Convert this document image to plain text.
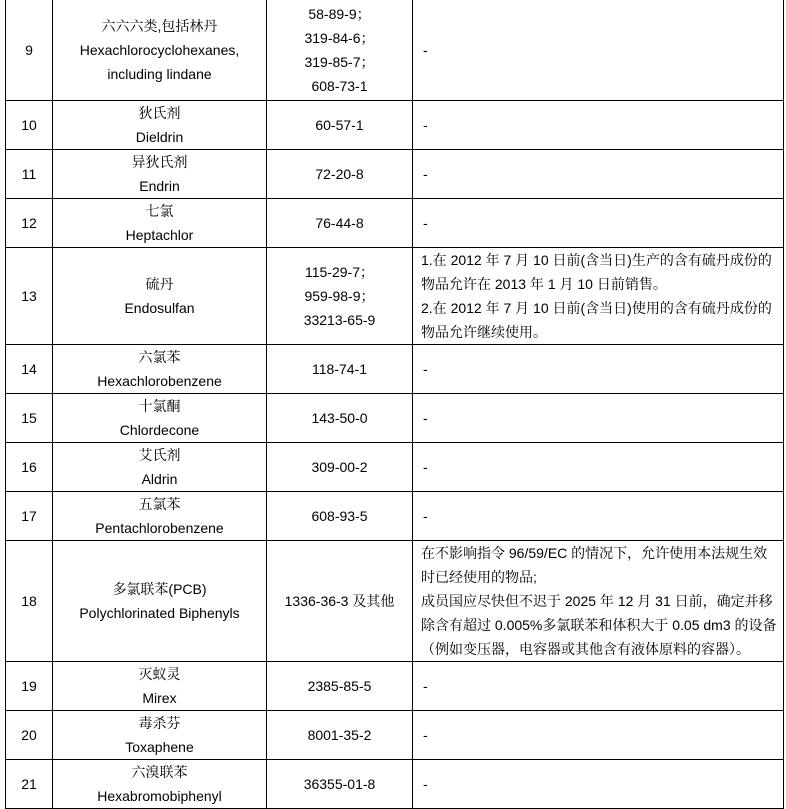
9	六六六类,包括林丹
Hexachlorocyclohexanes,
including lindane	58-89-9；
319-84-6；
319-85-7；
608-73-1	-

10	狄氏剂
Dieldrin	60-57-1	-

11	异狄氏剂
Endrin	72-20-8	-

12	七氯
Heptachlor	76-44-8	-

13	硫丹
Endosulfan	115-29-7；
959-98-9；
33213-65-9	1.在 2012 年 7 月 10 日前(含当日)生产的含有硫丹成份的物品允许在 2013 年 1 月 10 日前销售。
2.在 2012 年 7 月 10 日前(含当日)使用的含有硫丹成份的物品允许继续使用。

14	六氯苯
Hexachlorobenzene	118-74-1	-

15	十氯酮
Chlordecone	143-50-0	-

16	艾氏剂
Aldrin	309-00-2	-

17	五氯苯
Pentachlorobenzene	608-93-5	-

18	多氯联苯(PCB)
Polychlorinated Biphenyls	1336-36-3 及其他	在不影响指令 96/59/EC 的情况下，允许使用本法规生效时已经使用的物品;
成员国应尽快但不迟于 2025 年 12 月 31 日前，确定并移除含有超过 0.005%多氯联苯和体积大于 0.05 dm3 的设备（例如变压器，电容器或其他含有液体原料的容器）。

19	灭蚁灵
Mirex	2385-85-5	-

20	毒杀芬
Toxaphene	8001-35-2	-

21	六溴联苯
Hexabromobiphenyl	36355-01-8	-
